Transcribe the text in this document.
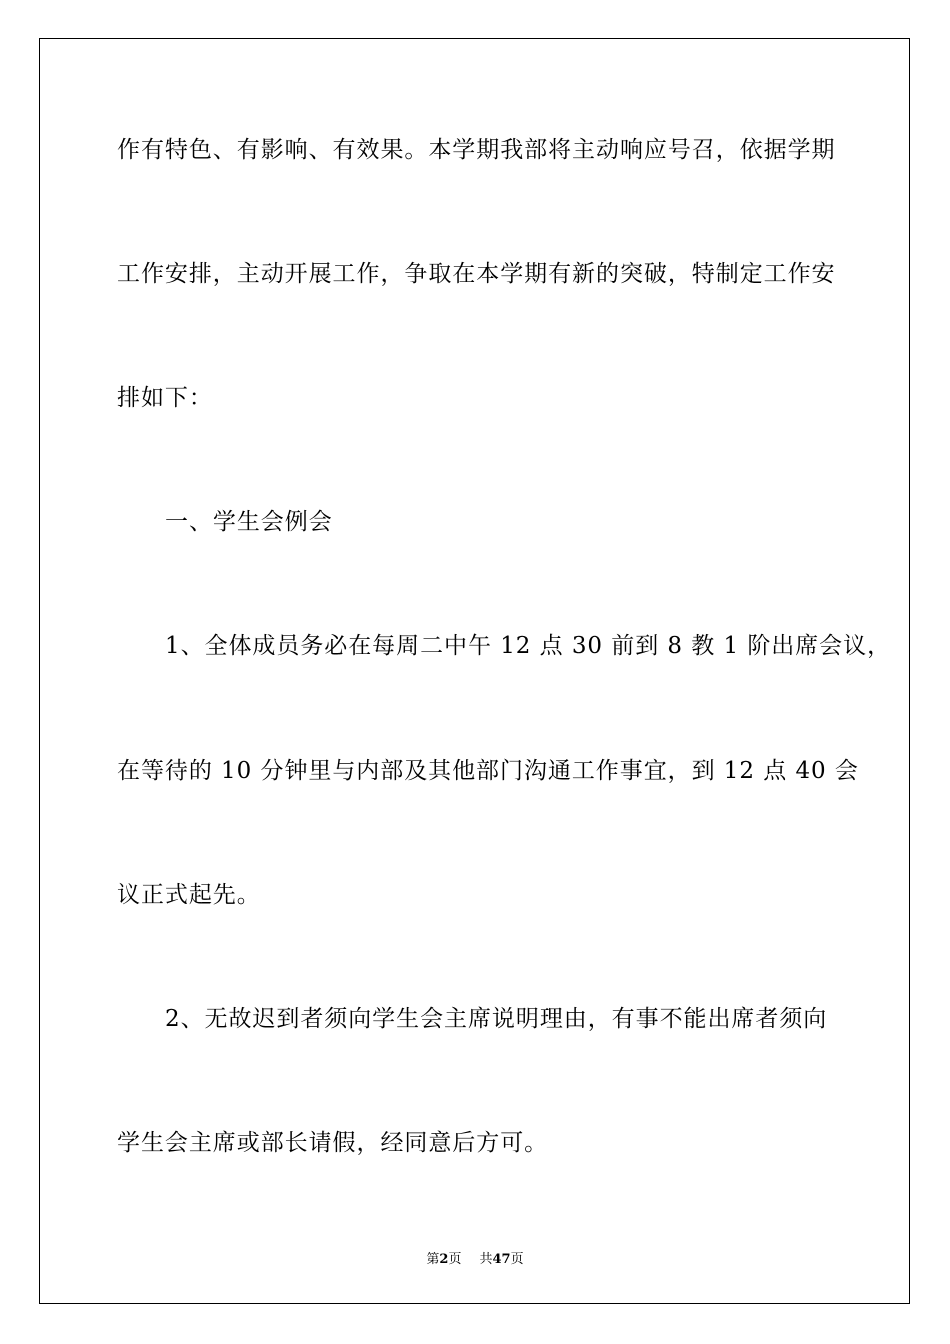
作有特色、有影响、有效果。本学期我部将主动响应号召，依据学期
工作安排，主动开展工作，争取在本学期有新的突破，特制定工作安
排如下：
一、学生会例会
1、全体成员务必在每周二中午 12 点 30 前到 8 教 1 阶出席会议，
在等待的 10 分钟里与内部及其他部门沟通工作事宜，到 12 点 40 会
议正式起先。
2、无故迟到者须向学生会主席说明理由，有事不能出席者须向
学生会主席或部长请假，经同意后方可。
第2页 共47页
